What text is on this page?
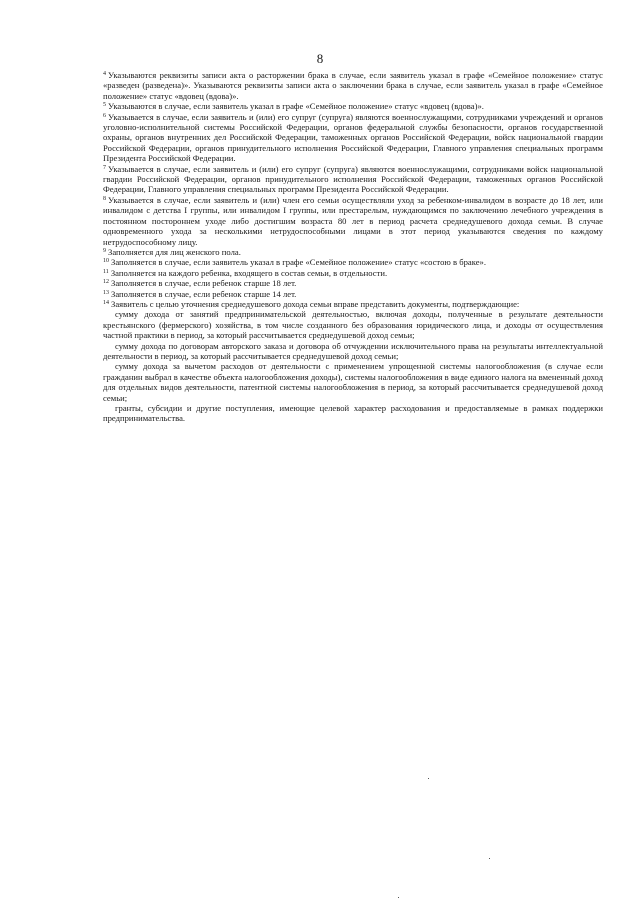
8

$^4$ Указываются реквизиты записи акта о расторжении брака в случае, если заявитель указал в графе «Семейное положение» статус «разведен (разведена)». Указываются реквизиты записи акта о заключении брака в случае, если заявитель указал в графе «Семейное положение» статус «вдовец (вдова)».

$^5$ Указываются в случае, если заявитель указал в графе «Семейное положение» статус «вдовец (вдова)».

$^6$ Указывается в случае, если заявитель и (или) его супруг (супруга) являются военнослужащими, сотрудниками учреждений и органов уголовно-исполнительной системы Российской Федерации, органов федеральной службы безопасности, органов государственной охраны, органов внутренних дел Российской Федерации, таможенных органов Российской Федерации, войск национальной гвардии Российской Федерации, органов принудительного исполнения Российской Федерации, Главного управления специальных программ Президента Российской Федерации.

$^7$ Указывается в случае, если заявитель и (или) его супруг (супруга) являются военнослужащими, сотрудниками войск национальной гвардии Российской Федерации, органов принудительного исполнения Российской Федерации, таможенных органов Российской Федерации, Главного управления специальных программ Президента Российской Федерации.

$^8$ Указывается в случае, если заявитель и (или) член его семьи осуществляли уход за ребенком-инвалидом в возрасте до 18 лет, или инвалидом с детства I группы, или инвалидом I группы, или престарелым, нуждающимся по заключению лечебного учреждения в постоянном постороннем уходе либо достигшим возраста 80 лет в период расчета среднедушевого дохода семьи. В случае одновременного ухода за несколькими нетрудоспособными лицами в этот период указываются сведения по каждому нетрудоспособному лицу.

$^9$ Заполняется для лиц женского пола.

$^{10}$ Заполняется в случае, если заявитель указал в графе «Семейное положение» статус «состою в браке».

$^{11}$ Заполняется на каждого ребенка, входящего в состав семьи, в отдельности.

$^{12}$ Заполняется в случае, если ребенок старше 18 лет.

$^{13}$ Заполняется в случае, если ребенок старше 14 лет.

$^{14}$ Заявитель с целью уточнения среднедушевого дохода семьи вправе представить документы, подтверждающие:

сумму дохода от занятий предпринимательской деятельностью, включая доходы, полученные в результате деятельности крестьянского (фермерского) хозяйства, в том числе созданного без образования юридического лица, и доходы от осуществления частной практики в период, за который рассчитывается среднедушевой доход семьи;

сумму дохода по договорам авторского заказа и договора об отчуждении исключительного права на результаты интеллектуальной деятельности в период, за который рассчитывается среднедушевой доход семьи;

сумму дохода за вычетом расходов от деятельности с применением упрощенной системы налогообложения (в случае если гражданин выбрал в качестве объекта налогообложения доходы), системы налогообложения в виде единого налога на вмененный доход для отдельных видов деятельности, патентной системы налогообложения в период, за который рассчитывается среднедушевой доход семьи;

гранты, субсидии и другие поступления, имеющие целевой характер расходования и предоставляемые в рамках поддержки предпринимательства.
